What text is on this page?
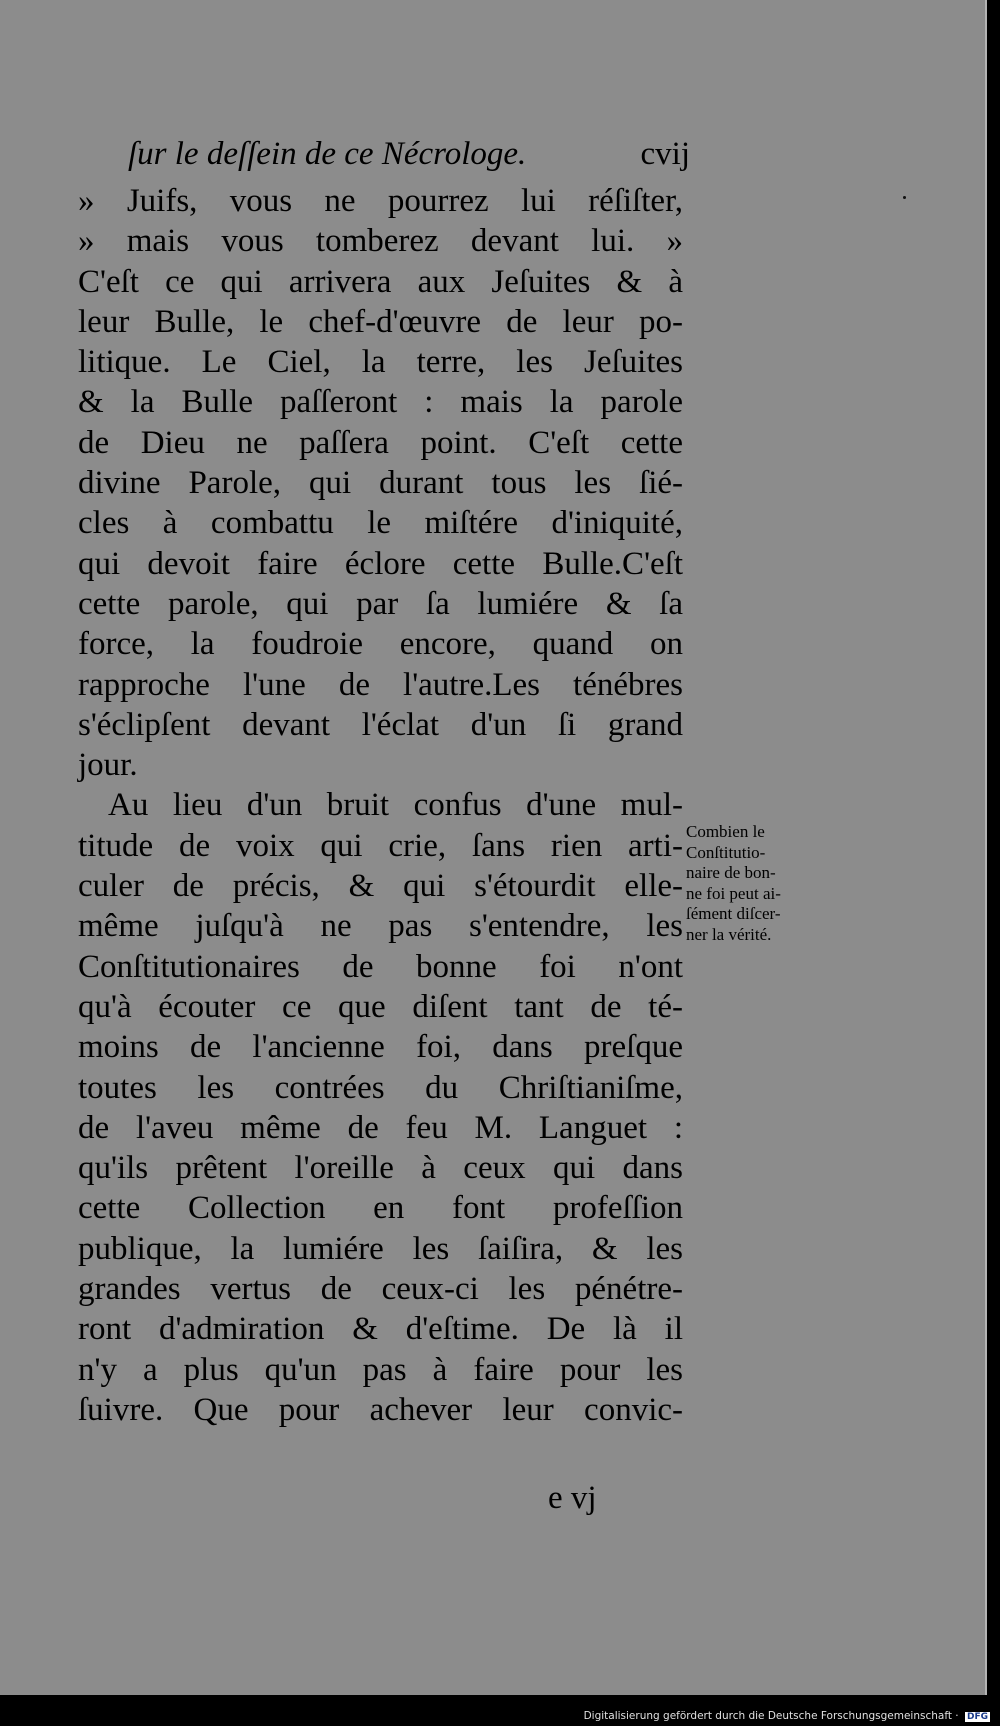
ſur le deſſein de ce Nécrologe.	cvij
» Juifs, vous ne pourrez lui réſiſter,
» mais vous tomberez devant lui. »
C'eſt ce qui arrivera aux Jeſuites & à
leur Bulle, le chef-d'œuvre de leur po-
litique. Le Ciel, la terre, les Jeſuites
& la Bulle paſſeront : mais la parole
de Dieu ne paſſera point. C'eſt cette
divine Parole, qui durant tous les ſié-
cles à combattu le miſtére d'iniquité,
qui devoit faire éclore cette Bulle.C'eſt
cette parole, qui par ſa lumiére & ſa
force, la foudroie encore, quand on
rapproche l'une de l'autre.Les ténébres
s'éclipſent devant l'éclat d'un ſi grand
jour.
Au lieu d'un bruit confus d'une mul-
titude de voix qui crie, ſans rien arti-
culer de précis, & qui s'étourdit elle-
même juſqu'à ne pas s'entendre, les
Conſtitutionaires de bonne foi n'ont
qu'à écouter ce que diſent tant de té-
moins de l'ancienne foi, dans preſque
toutes les contrées du Chriſtianiſme,
de l'aveu même de feu M. Languet :
qu'ils prêtent l'oreille à ceux qui dans
cette Collection en font profeſſion
publique, la lumiére les ſaiſira, & les
grandes vertus de ceux-ci les pénétre-
ront d'admiration & d'eſtime. De là il
n'y a plus qu'un pas à faire pour les
ſuivre. Que pour achever leur convic-
Combien le
Conſtitutio-
naire de bon-
ne foi peut ai-
ſément diſcer-
ner la vérité.
e vj
Digitalisierung gefördert durch die Deutsche Forschungsgemeinschaft · DFG
